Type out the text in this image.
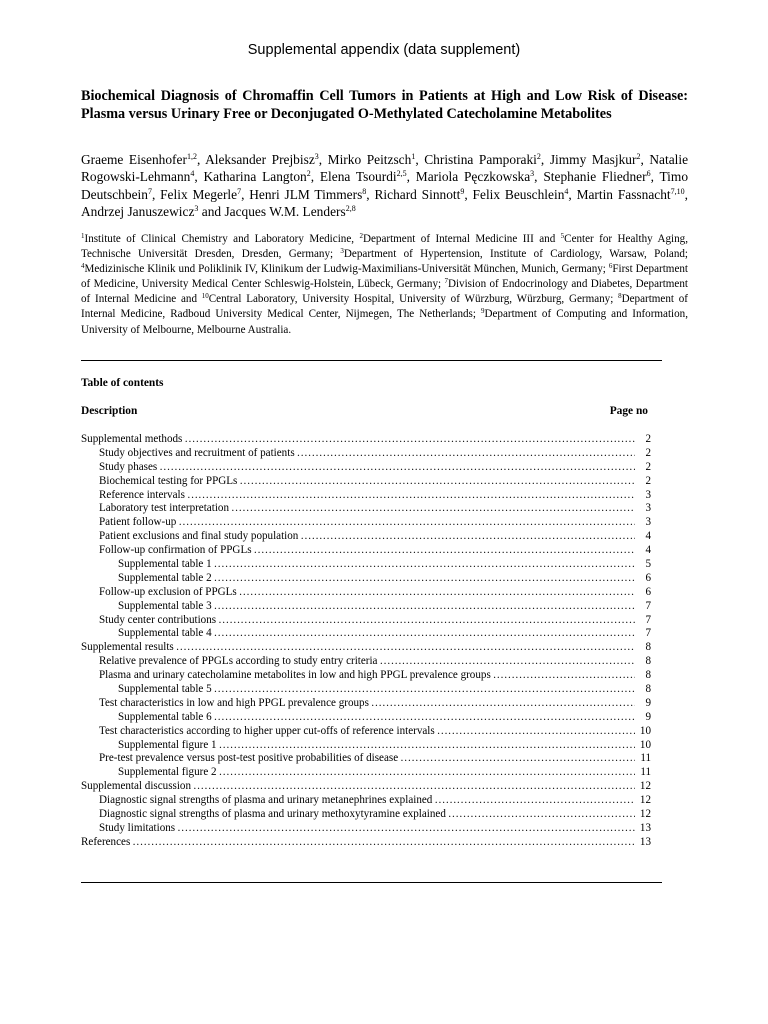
Supplemental appendix (data supplement)
Biochemical Diagnosis of Chromaffin Cell Tumors in Patients at High and Low Risk of Disease: Plasma versus Urinary Free or Deconjugated O-Methylated Catecholamine Metabolites
Graeme Eisenhofer$^{1,2}$, Aleksander Prejbisz$^3$, Mirko Peitzsch$^1$, Christina Pamporaki$^2$, Jimmy Masjkur$^2$, Natalie Rogowski-Lehmann$^4$, Katharina Langton$^2$, Elena Tsourdi$^{2,5}$, Mariola Pęczkowska$^3$, Stephanie Fliedner$^6$, Timo Deutschbein$^7$, Felix Megerle$^7$, Henri JLM Timmers$^8$, Richard Sinnott$^9$, Felix Beuschlein$^4$, Martin Fassnacht$^{7,10}$, Andrzej Januszewicz$^3$ and Jacques W.M. Lenders$^{2,8}$
$^1$Institute of Clinical Chemistry and Laboratory Medicine, $^2$Department of Internal Medicine III and $^5$Center for Healthy Aging, Technische Universität Dresden, Dresden, Germany; $^3$Department of Hypertension, Institute of Cardiology, Warsaw, Poland; $^4$Medizinische Klinik und Poliklinik IV, Klinikum der Ludwig-Maximilians-Universität München, Munich, Germany; $^6$First Department of Medicine, University Medical Center Schleswig-Holstein, Lübeck, Germany; $^7$Division of Endocrinology and Diabetes, Department of Internal Medicine and $^{10}$Central Laboratory, University Hospital, University of Würzburg, Würzburg, Germany; $^8$Department of Internal Medicine, Radboud University Medical Center, Nijmegen, The Netherlands; $^9$Department of Computing and Information, University of Melbourne, Melbourne Australia.
Table of contents
Description	Page no
Supplemental methods ……………………………………………………………………………………………………………………………………………………………………………	2
Study objectives and recruitment of patients ……………………………………………………………………………………………………………………………………………………………………………	2
Study phases ……………………………………………………………………………………………………………………………………………………………………………	2
Biochemical testing for PPGLs ……………………………………………………………………………………………………………………………………………………………………………	2
Reference intervals ……………………………………………………………………………………………………………………………………………………………………………	3
Laboratory test interpretation ……………………………………………………………………………………………………………………………………………………………………………	3
Patient follow-up ……………………………………………………………………………………………………………………………………………………………………………	3
Patient exclusions and final study population ……………………………………………………………………………………………………………………………………………………………………………	4
Follow-up confirmation of PPGLs ……………………………………………………………………………………………………………………………………………………………………………	4
Supplemental table 1 ……………………………………………………………………………………………………………………………………………………………………………	5
Supplemental table 2 ……………………………………………………………………………………………………………………………………………………………………………	6
Follow-up exclusion of PPGLs ……………………………………………………………………………………………………………………………………………………………………………	6
Supplemental table 3 ……………………………………………………………………………………………………………………………………………………………………………	7
Study center contributions ……………………………………………………………………………………………………………………………………………………………………………	7
Supplemental table 4 ……………………………………………………………………………………………………………………………………………………………………………	7
Supplemental results ……………………………………………………………………………………………………………………………………………………………………………	8
Relative prevalence of PPGLs according to study entry criteria ……………………………………………………………………………………………………………………………………………………………………………	8
Plasma and urinary catecholamine metabolites in low and high PPGL prevalence groups ……………………………………………………………………………………………………………………………………………………………………………	8
Supplemental table 5 ……………………………………………………………………………………………………………………………………………………………………………	8
Test characteristics in low and high PPGL prevalence groups ……………………………………………………………………………………………………………………………………………………………………………	9
Supplemental table 6 ……………………………………………………………………………………………………………………………………………………………………………	9
Test characteristics according to higher upper cut-offs of reference intervals ……………………………………………………………………………………………………………………………………………………………………………	10
Supplemental figure 1 ……………………………………………………………………………………………………………………………………………………………………………	10
Pre-test prevalence versus post-test positive probabilities of disease ……………………………………………………………………………………………………………………………………………………………………………	11
Supplemental figure 2 ……………………………………………………………………………………………………………………………………………………………………………	11
Supplemental discussion ……………………………………………………………………………………………………………………………………………………………………………	12
Diagnostic signal strengths of plasma and urinary metanephrines explained ……………………………………………………………………………………………………………………………………………………………………………	12
Diagnostic signal strengths of plasma and urinary methoxytyramine explained ……………………………………………………………………………………………………………………………………………………………………………	12
Study limitations ……………………………………………………………………………………………………………………………………………………………………………	13
References ……………………………………………………………………………………………………………………………………………………………………………	13
